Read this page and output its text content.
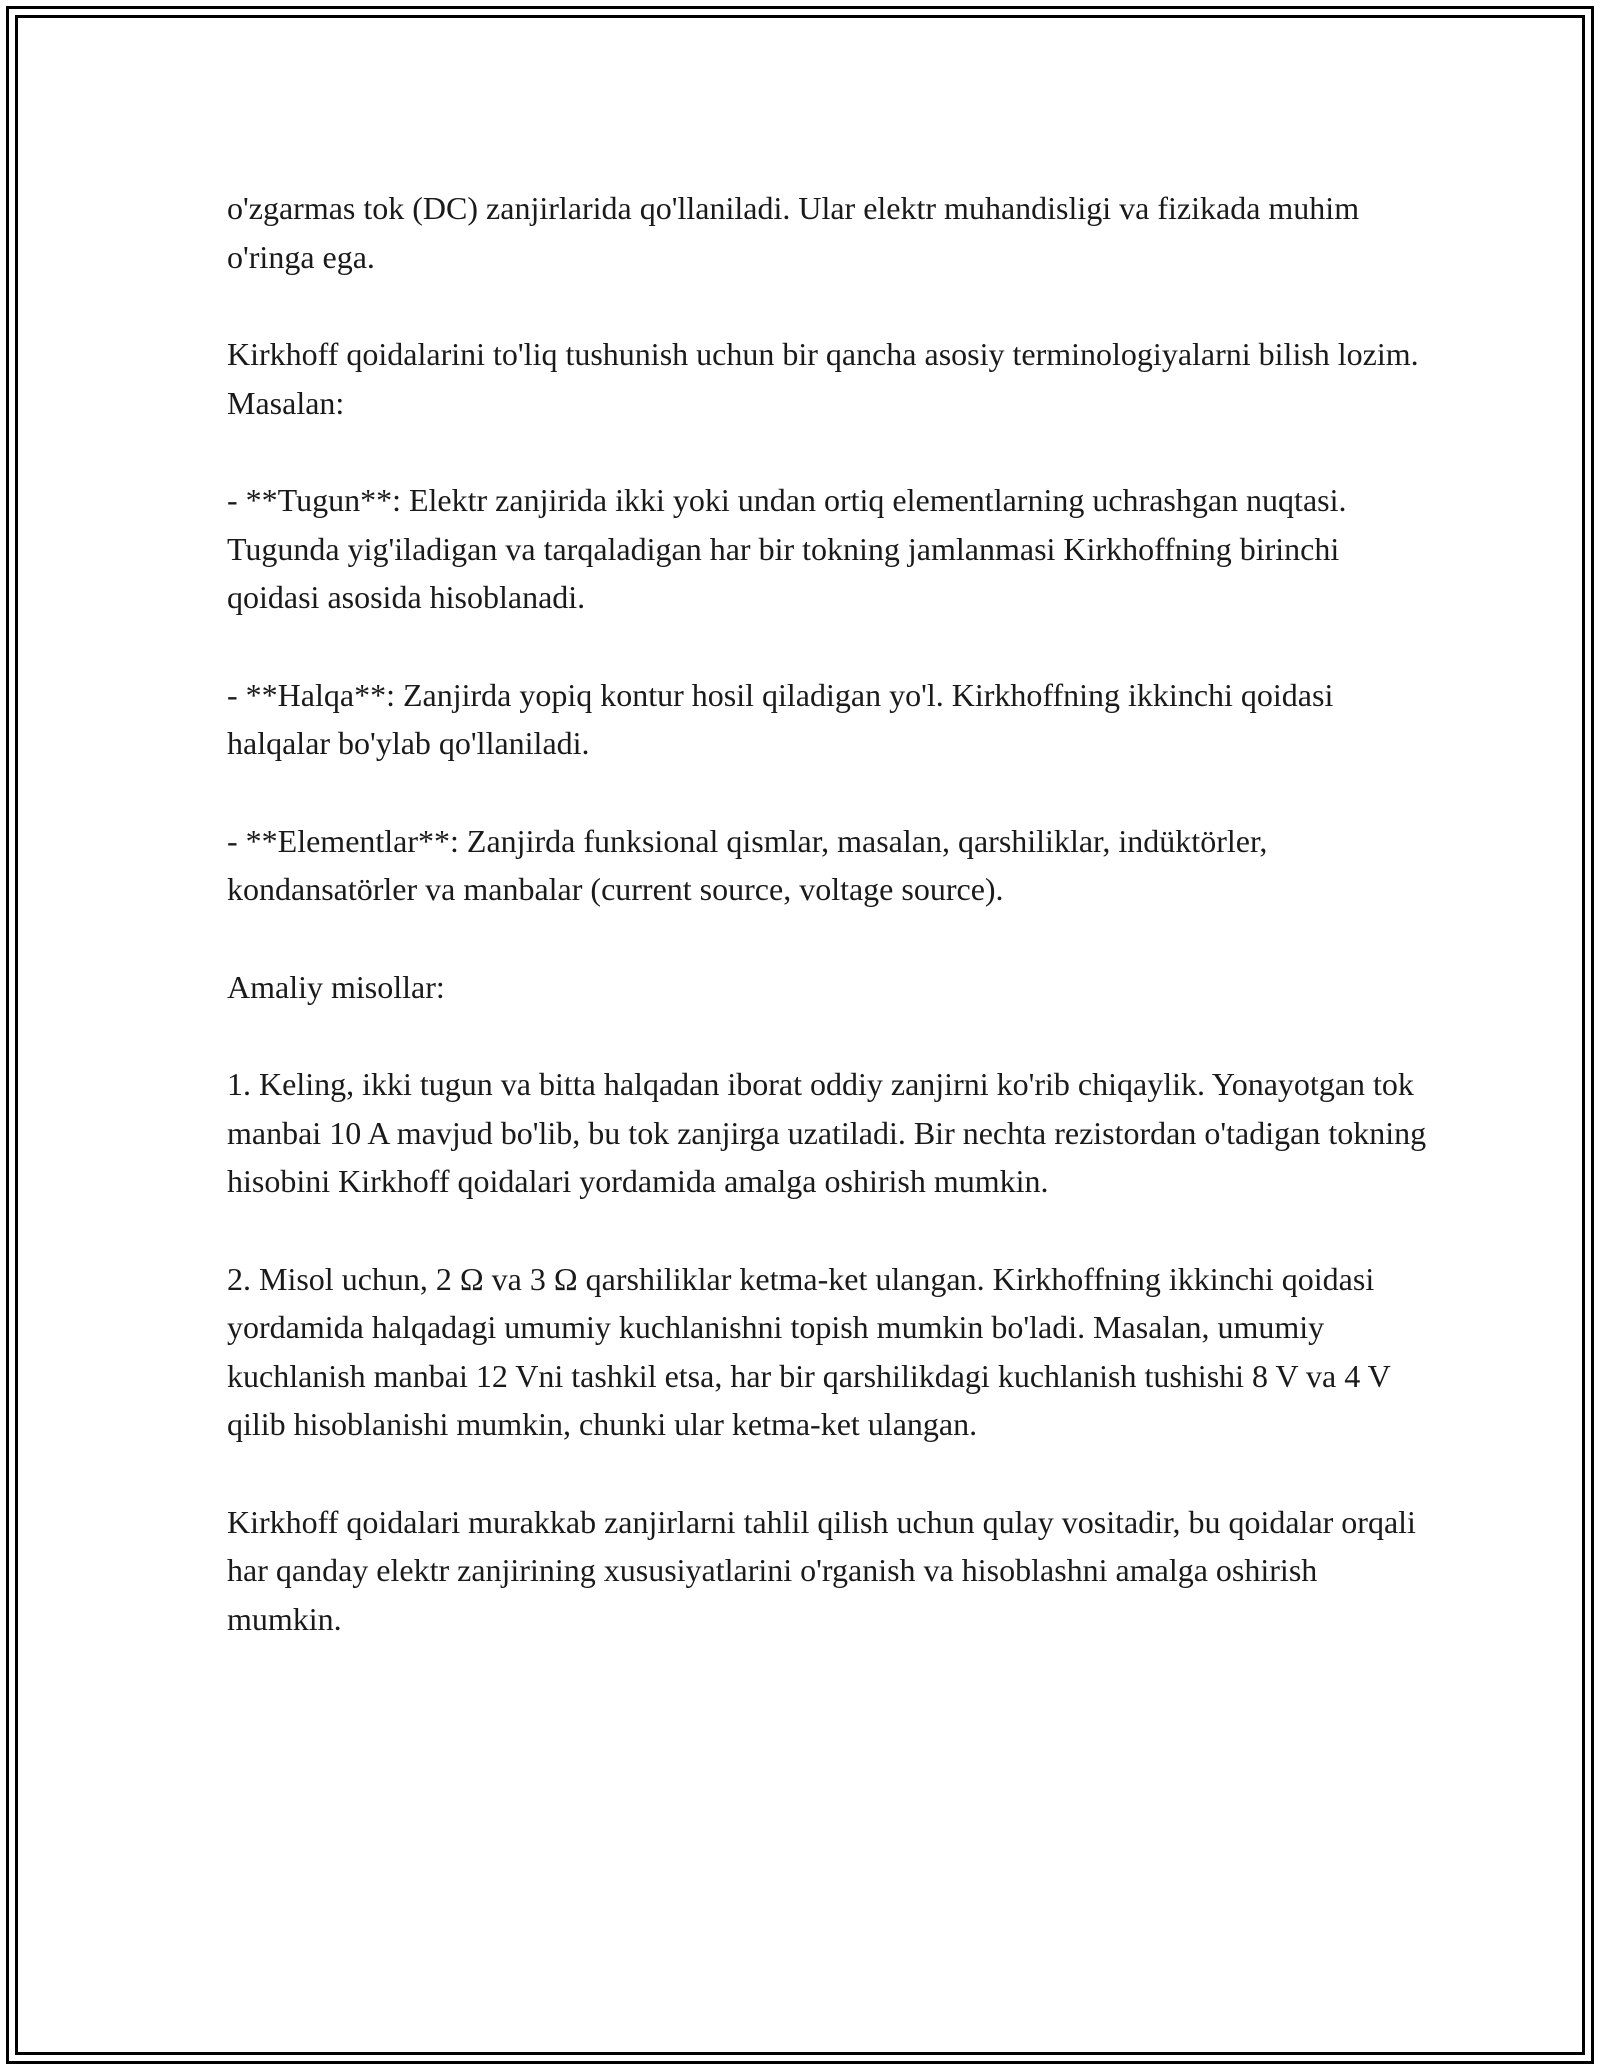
o'zgarmas tok (DC) zanjirlarida qo'llaniladi. Ular elektr muhandisligi va fizikada muhim o'ringa ega.

Kirkhoff qoidalarini to'liq tushunish uchun bir qancha asosiy terminologiyalarni bilish lozim. Masalan:

- **Tugun**: Elektr zanjirida ikki yoki undan ortiq elementlarning uchrashgan nuqtasi. Tugunda yig'iladigan va tarqaladigan har bir tokning jamlanmasi Kirkhoffning birinchi qoidasi asosida hisoblanadi.

- **Halqa**: Zanjirda yopiq kontur hosil qiladigan yo'l. Kirkhoffning ikkinchi qoidasi halqalar bo'ylab qo'llaniladi.

- **Elementlar**: Zanjirda funksional qismlar, masalan, qarshiliklar, indüktörler, kondansatörler va manbalar (current source, voltage source).

Amaliy misollar:

1. Keling, ikki tugun va bitta halqadan iborat oddiy zanjirni ko'rib chiqaylik. Yonayotgan tok manbai 10 A mavjud bo'lib, bu tok zanjirga uzatiladi. Bir nechta rezistordan o'tadigan tokning hisobini Kirkhoff qoidalari yordamida amalga oshirish mumkin.

2. Misol uchun, 2 Ω va 3 Ω qarshiliklar ketma-ket ulangan. Kirkhoffning ikkinchi qoidasi yordamida halqadagi umumiy kuchlanishni topish mumkin bo'ladi. Masalan, umumiy kuchlanish manbai 12 Vni tashkil etsa, har bir qarshilikdagi kuchlanish tushishi 8 V va 4 V qilib hisoblanishi mumkin, chunki ular ketma-ket ulangan.

Kirkhoff qoidalari murakkab zanjirlarni tahlil qilish uchun qulay vositadir, bu qoidalar orqali har qanday elektr zanjirining xususiyatlarini o'rganish va hisoblashni amalga oshirish mumkin.
